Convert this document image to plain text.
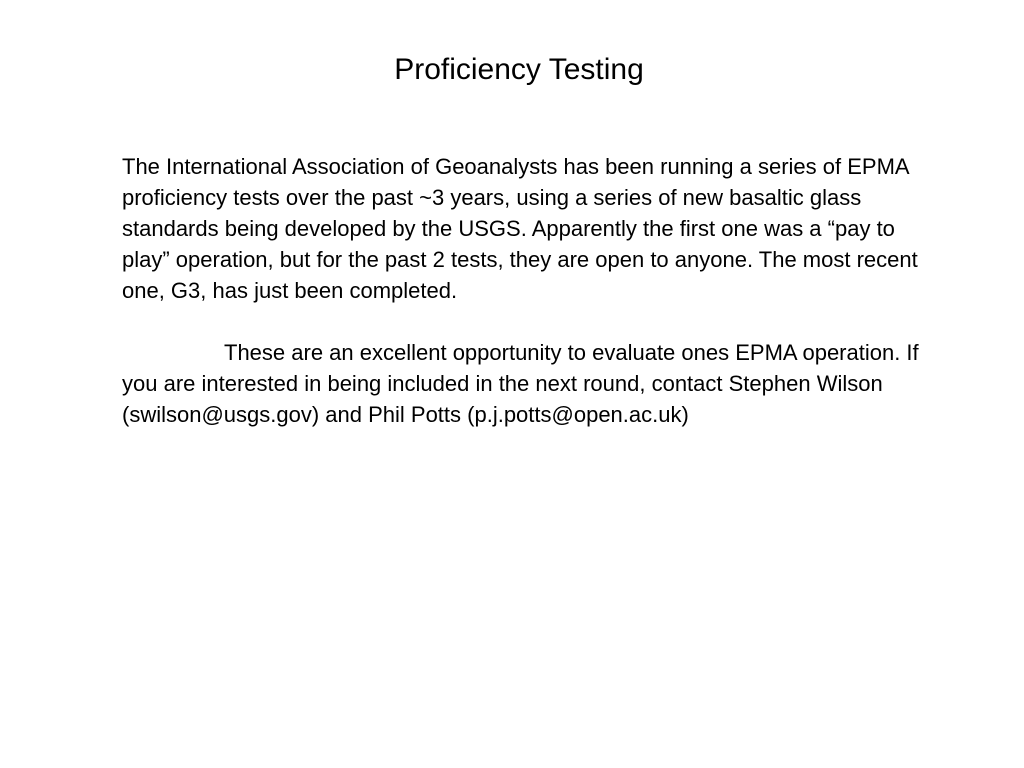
Proficiency Testing

The International Association of Geoanalysts has been running a series of EPMA proficiency tests over the past ~3 years, using a series of new basaltic glass standards being developed by the USGS. Apparently the first one was a “pay to play” operation, but for the past 2 tests, they are open to anyone. The most recent one, G3, has just been completed.

These are an excellent opportunity to evaluate ones EPMA operation. If you are interested in being included in the next round, contact Stephen Wilson (swilson@usgs.gov) and Phil Potts (p.j.potts@open.ac.uk)
